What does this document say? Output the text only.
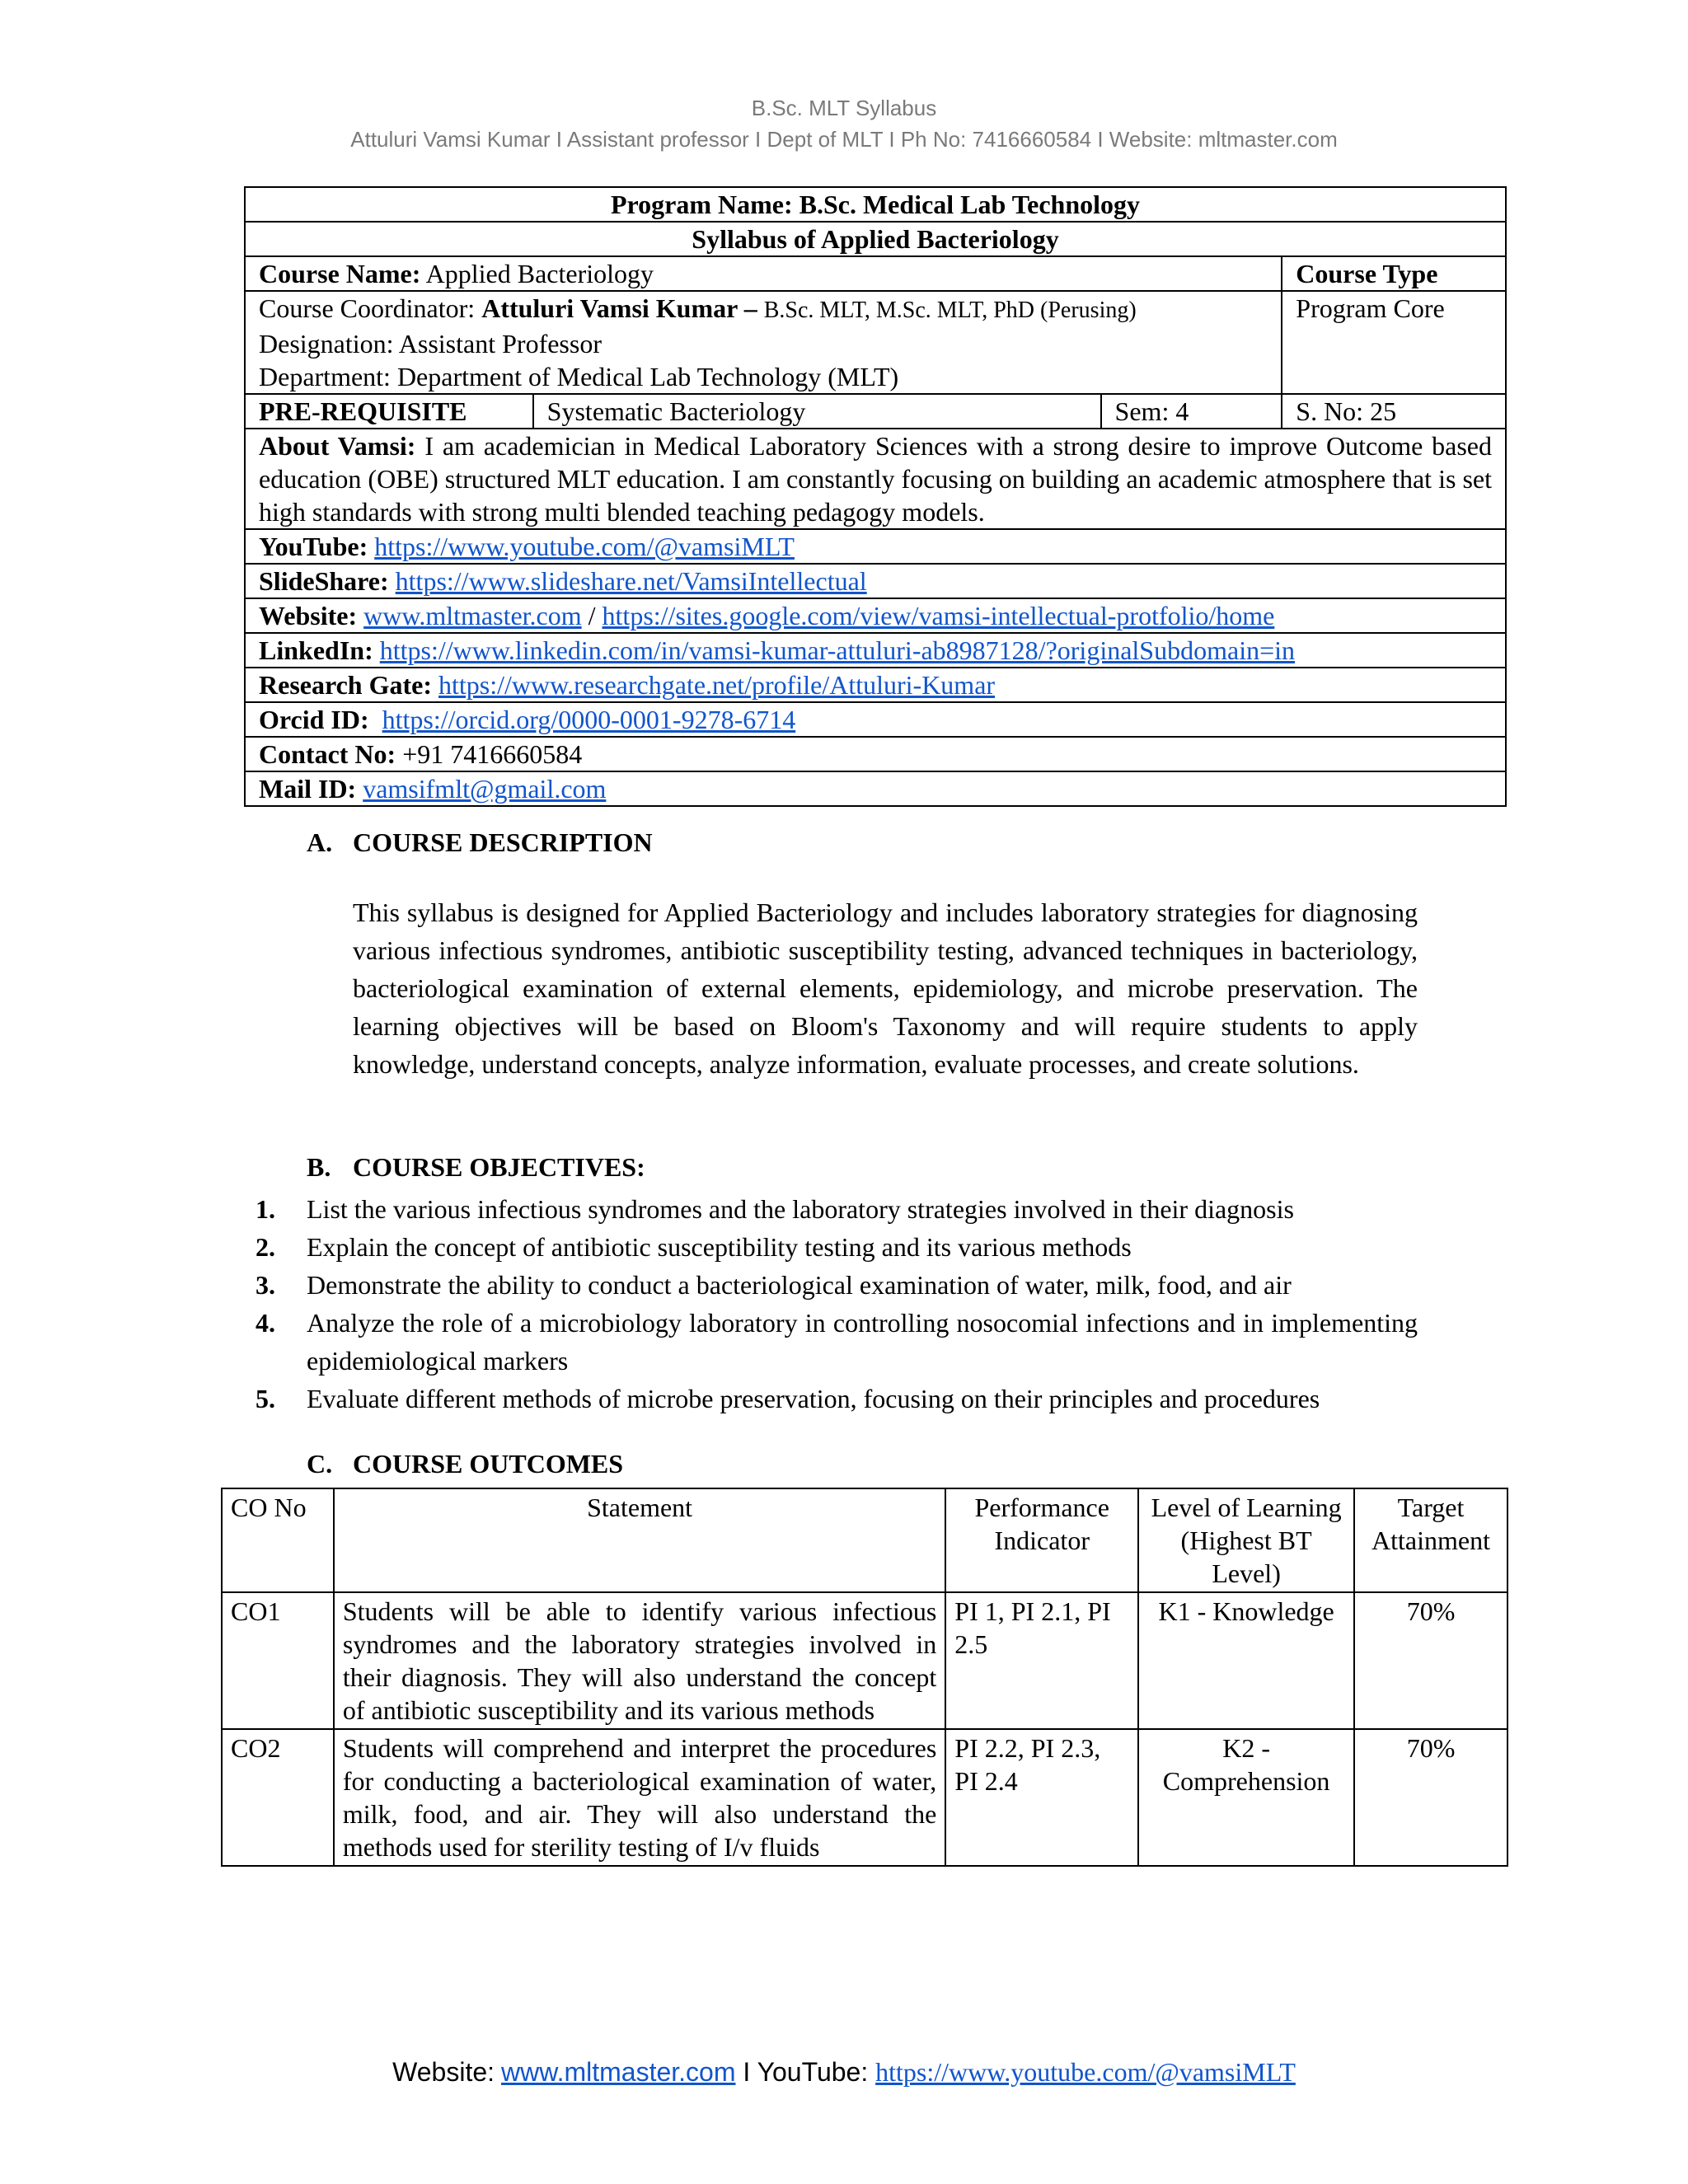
B.Sc. MLT Syllabus
Attuluri Vamsi Kumar I Assistant professor I Dept of MLT I Ph No: 7416660584 I Website: mltmaster.com
Program Name: B.Sc. Medical Lab Technology			
Syllabus of Applied Bacteriology			
Course Name: Applied Bacteriology			Course Type

Course Coordinator: Attuluri Vamsi Kumar – B.Sc. MLT, M.Sc. MLT, PhD (Perusing)
Designation: Assistant Professor
Department: Department of Medical Lab Technology (MLT)			Program Core
PRE-REQUISITE	Systematic Bacteriology	Sem: 4	S. No: 25
About Vamsi: I am academician in Medical Laboratory Sciences with a strong desire to improve Outcome based education (OBE) structured MLT education. I am constantly focusing on building an academic atmosphere that is set high standards with strong multi blended teaching pedagogy models.			
YouTube: https://www.youtube.com/@vamsiMLT			
SlideShare: https://www.slideshare.net/VamsiIntellectual			
Website: www.mltmaster.com / https://sites.google.com/view/vamsi-intellectual-protfolio/home			
LinkedIn: https://www.linkedin.com/in/vamsi-kumar-attuluri-ab8987128/?originalSubdomain=in			
Research Gate: https://www.researchgate.net/profile/Attuluri-Kumar			
Orcid ID: https://orcid.org/0000-0001-9278-6714			
Contact No: +91 7416660584			
Mail ID: vamsifmlt@gmail.com			
A. COURSE DESCRIPTION
This syllabus is designed for Applied Bacteriology and includes laboratory strategies for diagnosing various infectious syndromes, antibiotic susceptibility testing, advanced techniques in bacteriology, bacteriological examination of external elements, epidemiology, and microbe preservation. The learning objectives will be based on Bloom's Taxonomy and will require students to apply knowledge, understand concepts, analyze information, evaluate processes, and create solutions.
B. COURSE OBJECTIVES:
1.	List the various infectious syndromes and the laboratory strategies involved in their diagnosis
2.	Explain the concept of antibiotic susceptibility testing and its various methods
3.	Demonstrate the ability to conduct a bacteriological examination of water, milk, food, and air
4.	Analyze the role of a microbiology laboratory in controlling nosocomial infections and in implementing epidemiological markers
5.	Evaluate different methods of microbe preservation, focusing on their principles and procedures
C. COURSE OUTCOMES
CO No	Statement	Performance Indicator	Level of Learning (Highest BT Level)	Target Attainment
CO1	Students will be able to identify various infectious syndromes and the laboratory strategies involved in their diagnosis. They will also understand the concept of antibiotic susceptibility and its various methods	PI 1, PI 2.1, PI 2.5	K1 - Knowledge	70%
CO2	Students will comprehend and interpret the procedures for conducting a bacteriological examination of water, milk, food, and air. They will also understand the methods used for sterility testing of I/v fluids	PI 2.2, PI 2.3, PI 2.4	K2 - Comprehension	70%
Website: www.mltmaster.com I YouTube: https://www.youtube.com/@vamsiMLT
